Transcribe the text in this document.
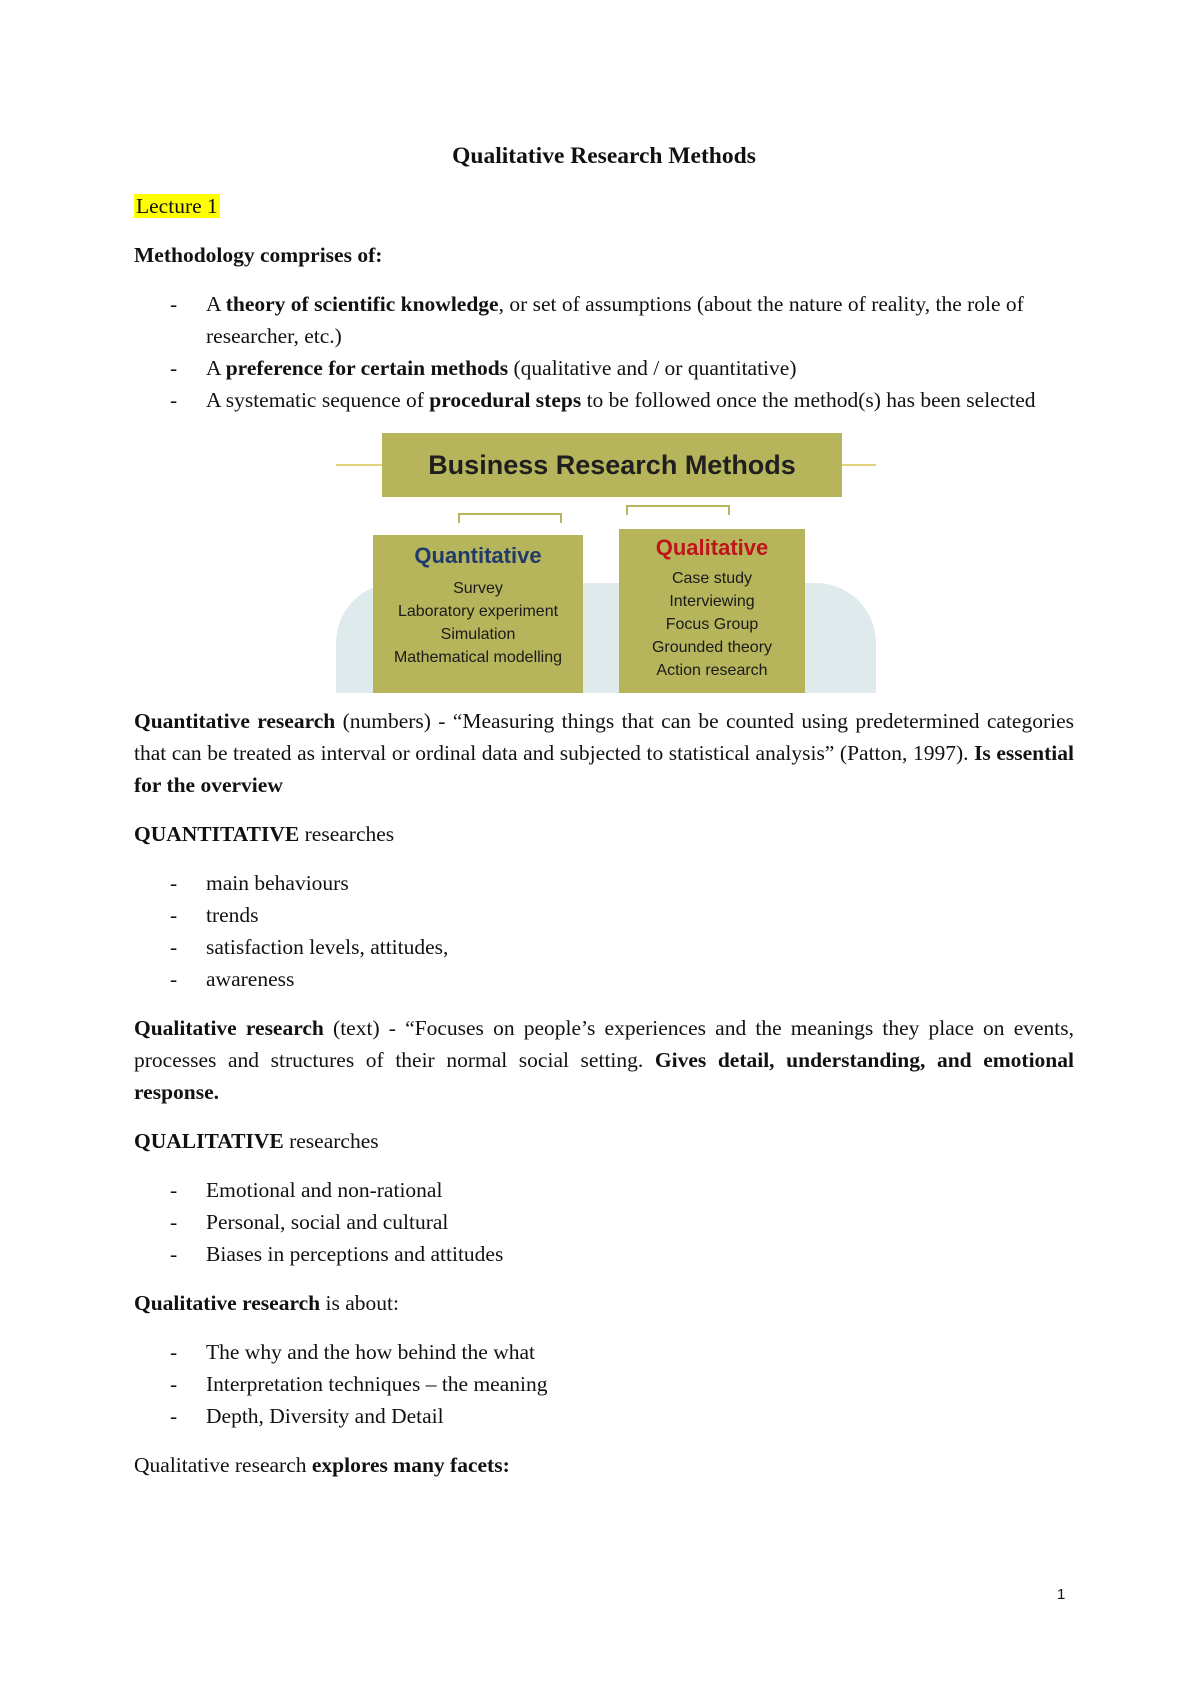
Qualitative Research Methods

Lecture 1

Methodology comprises of:

- A theory of scientific knowledge, or set of assumptions (about the nature of reality, the role of researcher, etc.)
- A preference for certain methods (qualitative and / or quantitative)
- A systematic sequence of procedural steps to be followed once the method(s) has been selected
Business Research Methods
Quantitative
Survey
Laboratory experiment
Simulation
Mathematical modelling
Qualitative
Case study
Interviewing
Focus Group
Grounded theory
Action research

Quantitative research (numbers) - “Measuring things that can be counted using predetermined categories that can be treated as interval or ordinal data and subjected to statistical analysis” (Patton, 1997). Is essential for the overview

QUANTITATIVE researches

- main behaviours
- trends
- satisfaction levels, attitudes,
- awareness

Qualitative research (text) - “Focuses on people’s experiences and the meanings they place on events, processes and structures of their normal social setting. Gives detail, understanding, and emotional response.

QUALITATIVE researches

- Emotional and non-rational
- Personal, social and cultural
- Biases in perceptions and attitudes

Qualitative research is about:

- The why and the how behind the what
- Interpretation techniques – the meaning
- Depth, Diversity and Detail

Qualitative research explores many facets:

1
